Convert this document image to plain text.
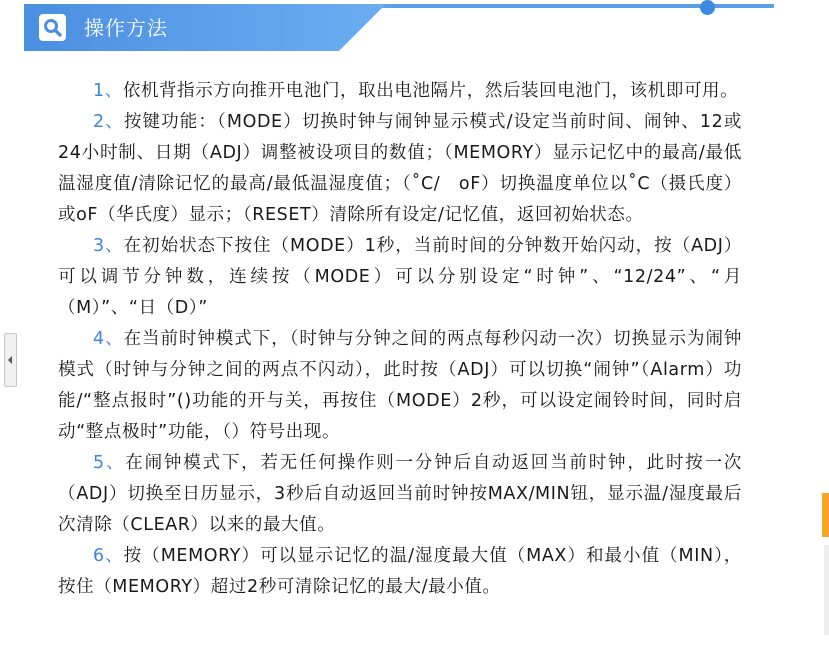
操作方法

1、依机背指示方向推开电池门，取出电池隔片，然后装回电池门，该机即可用。

2、按键功能：（MODE）切换时钟与闹钟显示模式/设定当前时间、闹钟、12或24小时制、日期（ADJ）调整被设项目的数值；（MEMORY）显示记忆中的最高/最低温湿度值/清除记忆的最高/最低温湿度值；（˚C/　oF）切换温度单位以˚C（摄氏度）或oF（华氏度）显示；（RESET）清除所有设定/记忆值，返回初始状态。

3、在初始状态下按住（MODE）1秒，当前时间的分钟数开始闪动，按（ADJ）可以调节分钟数，连续按（MODE）可以分别设定“时钟”、“12/24”、“月（M）”、“日（D）”

4、在当前时钟模式下，（时钟与分钟之间的两点每秒闪动一次）切换显示为闹钟模式（时钟与分钟之间的两点不闪动），此时按（ADJ）可以切换“闹钟”（Alarm）功能/“整点报时”()功能的开与关，再按住（MODE）2秒，可以设定闹铃时间，同时启动“整点极时”功能，（）符号出现。

5、在闹钟模式下，若无任何操作则一分钟后自动返回当前时钟，此时按一次（ADJ）切换至日历显示，3秒后自动返回当前时钟按MAX/MIN钮，显示温/湿度最后次清除（CLEAR）以来的最大值。

6、按（MEMORY）可以显示记忆的温/湿度最大值（MAX）和最小值（MIN），按住（MEMORY）超过2秒可清除记忆的最大/最小值。
